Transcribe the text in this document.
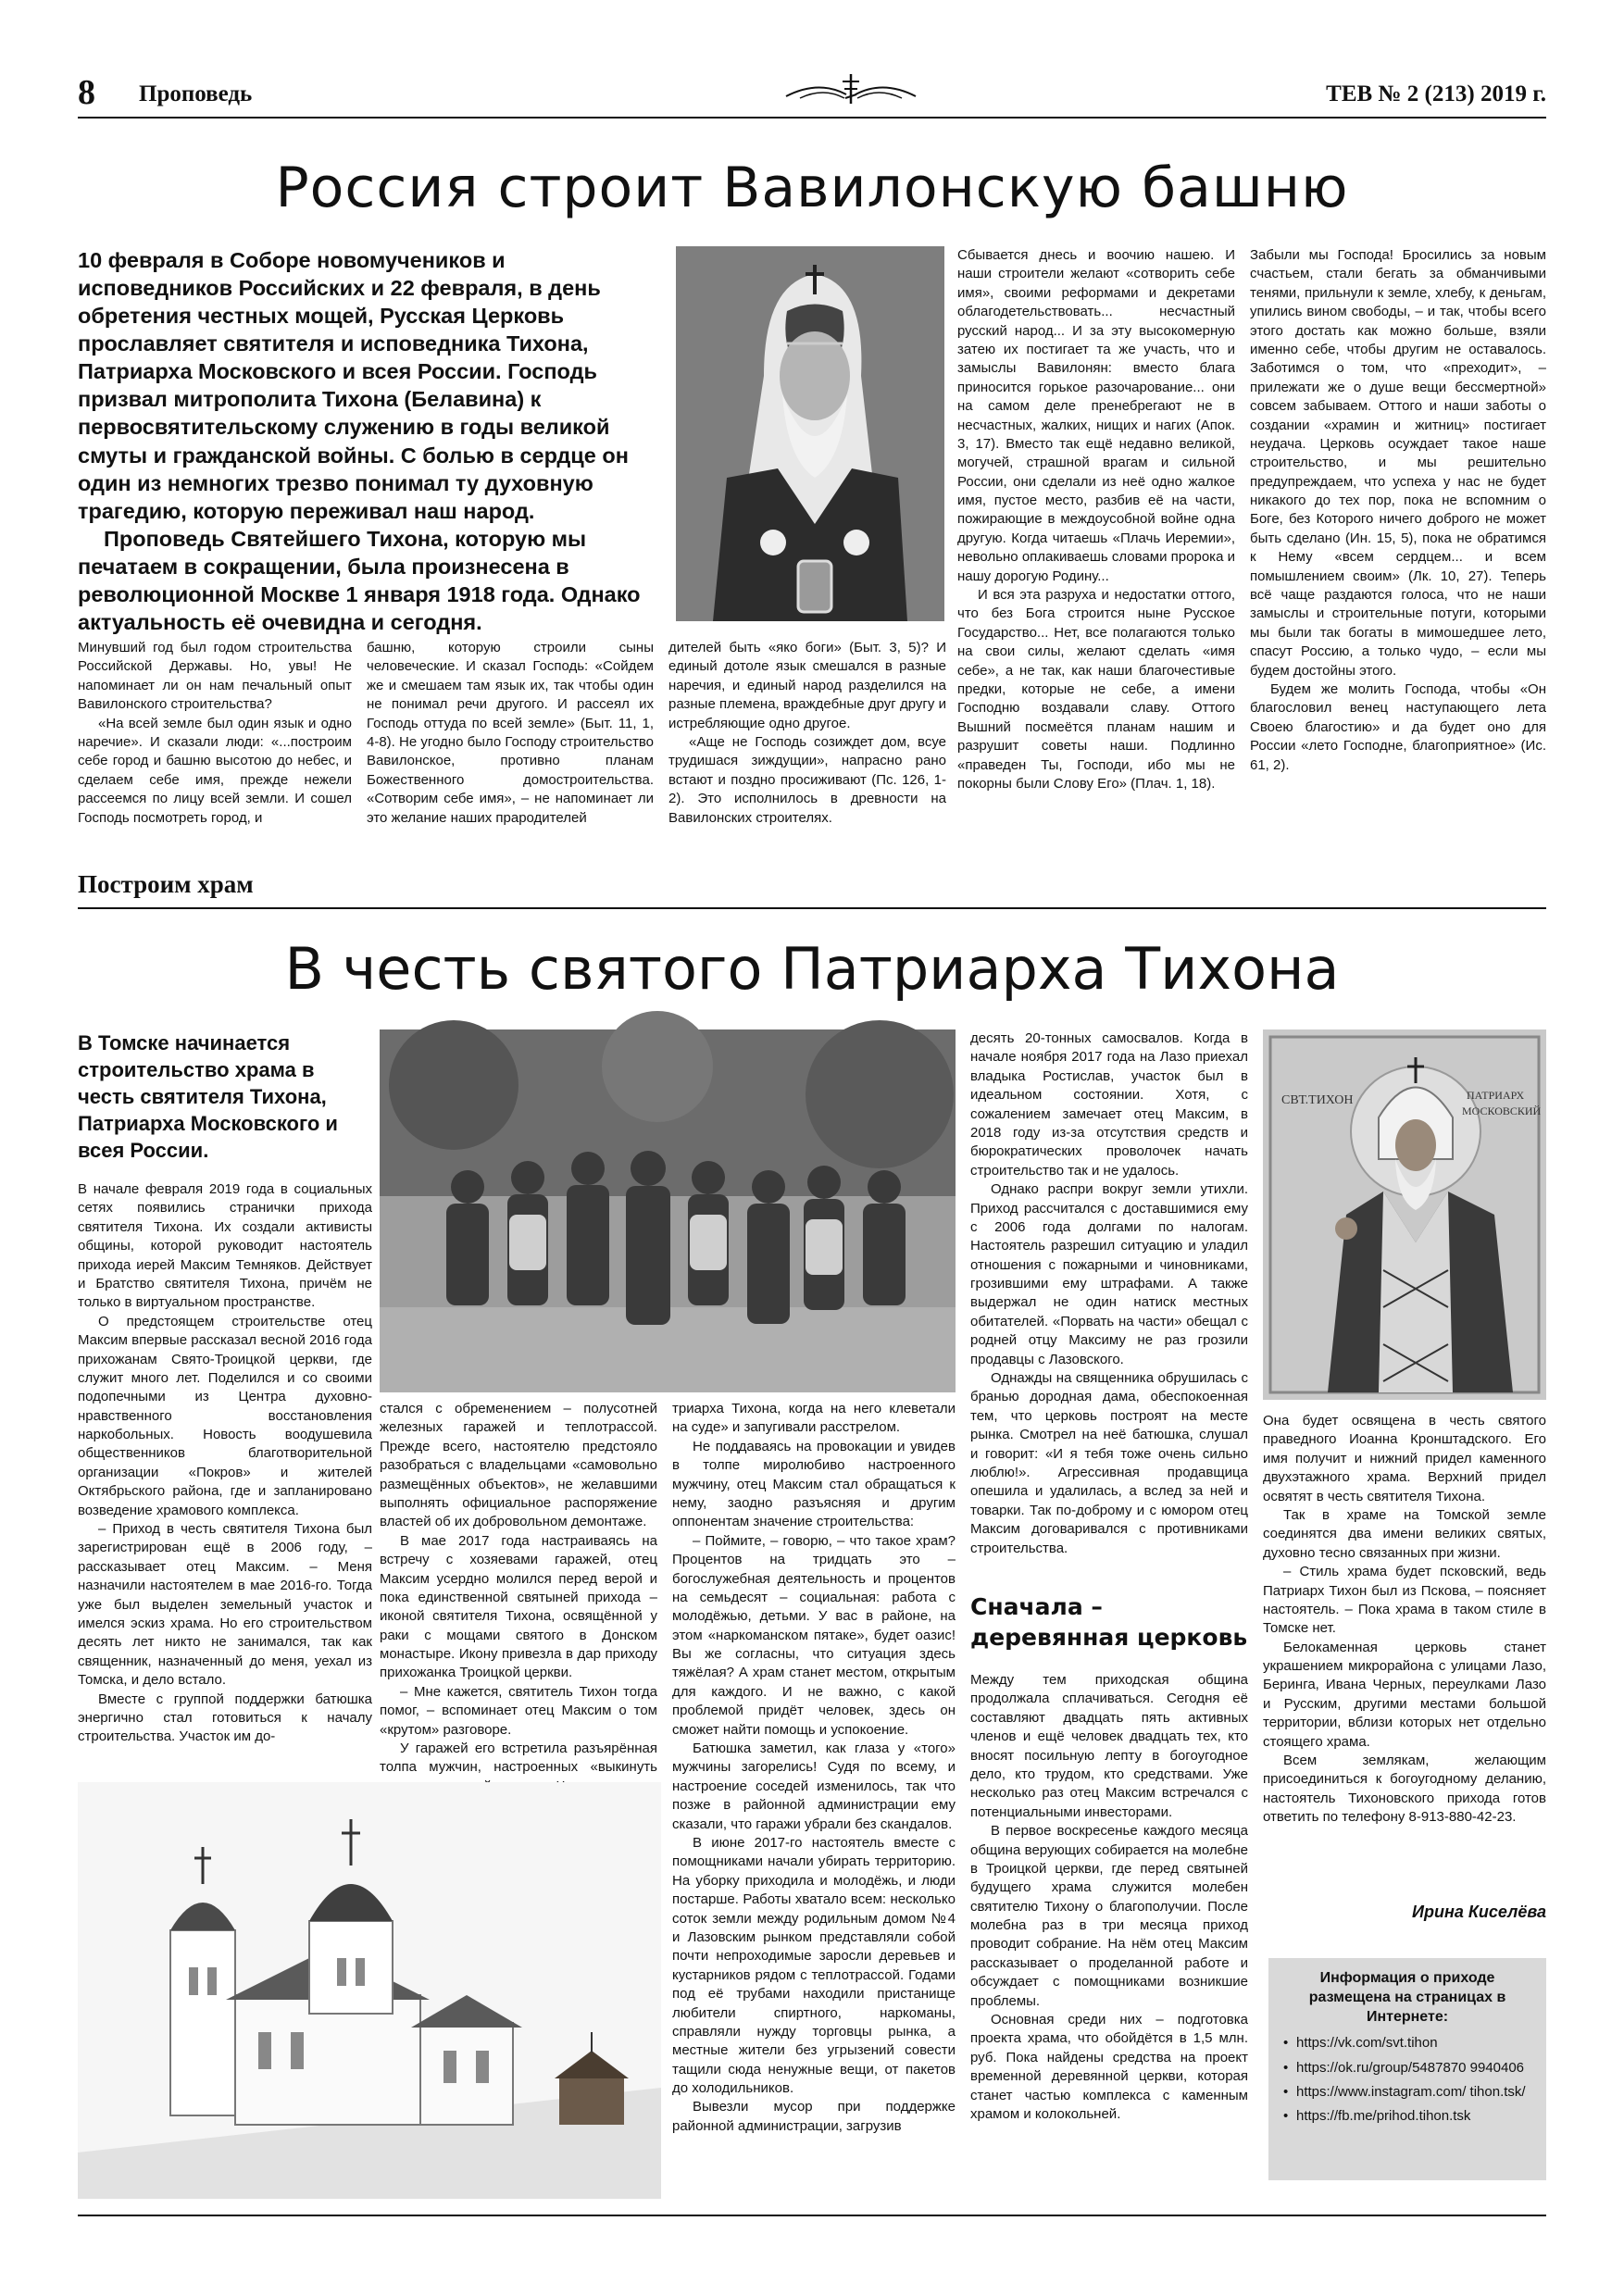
8 Проповедь	ТЕВ № 2 (213) 2019 г.
Россия строит Вавилонскую башню

10 февраля в Соборе новомучеников и исповедников Российских и 22 февраля, в день обретения честных мощей, Русская Церковь прославляет святителя и исповедника Тихона, Патриарха Московского и всея России. Господь призвал митрополита Тихона (Белавина) к первосвятительскому служению в годы великой смуты и гражданской войны. С болью в сердце он один из немногих трезво понимал ту духовную трагедию, которую переживал наш народ.

Проповедь Святейшего Тихона, которую мы печатаем в сокращении, была произнесена в революционной Москве 1 января 1918 года. Однако актуальность её очевидна и сегодня.

Сбывается днесь и воочию нашею. И наши строители желают «сотворить себе имя», своими реформами и декретами облагодетельствовать... несчастный русский народ... И за эту высокомерную затею их постигает та же участь, что и замыслы Вавилонян: вместо блага приносится горькое разочарование... они на самом деле пренебрегают не в несчастных, жалких, нищих и нагих (Апок. 3, 17). Вместо так ещё недавно великой, могучей, страшной врагам и сильной России, они сделали из неё одно жалкое имя, пустое место, разбив её на части, пожирающие в междоусобной войне одна другую. Когда читаешь «Плачь Иеремии», невольно оплакиваешь словами пророка и нашу дорогую Родину...

И вся эта разруха и недостатки оттого, что без Бога строится ныне Русское Государство... Нет, все полагаются только на свои силы, желают сделать «имя себе», а не так, как наши благочестивые предки, которые не себе, а имени Господню воздавали славу. Оттого Вышний посмеётся планам нашим и разрушит советы наши. Подлинно «праведен Ты, Господи, ибо мы не покорны были Слову Его» (Плач. 1, 18).

Забыли мы Господа! Бросились за новым счастьем, стали бегать за обманчивыми тенями, прильнули к земле, хлебу, к деньгам, упились вином свободы, – и так, чтобы всего этого достать как можно больше, взяли именно себе, чтобы другим не оставалось. Заботимся о том, что «преходит», – прилежати же о душе вещи бессмертной» совсем забываем. Оттого и наши заботы о создании «храмин и житниц» постигает неудача. Церковь осуждает такое наше строительство, и мы решительно предупреждаем, что успеха у нас не будет никакого до тех пор, пока не вспомним о Боге, без Которого ничего доброго не может быть сделано (Ин. 15, 5), пока не обратимся к Нему «всем сердцем... и всем помышлением своим» (Лк. 10, 27). Теперь всё чаще раздаются голоса, что не наши замыслы и строительные потуги, которыми мы были так богаты в мимошедшее лето, спасут Россию, а только чудо, – если мы будем достойны этого.

Будем же молить Господа, чтобы «Он благословил венец наступающего лета Своею благостию» и да будет оно для России «лето Господне, благоприятное» (Ис. 61, 2).

Минувший год был годом строительства Российской Державы. Но, увы! Не напоминает ли он нам печальный опыт Вавилонского строительства?

«На всей земле был один язык и одно наречие». И сказали люди: «...построим себе город и башню высотою до небес, и сделаем себе имя, прежде нежели рассеемся по лицу всей земли. И сошел Господь посмотреть город, и

башню, которую строили сыны человеческие. И сказал Господь: «Сойдем же и смешаем там язык их, так чтобы один не понимал речи другого. И рассеял их Господь оттуда по всей земле» (Быт. 11, 1, 4-8). Не угодно было Господу строительство Вавилонское, противно планам Божественного домостроительства. «Сотворим себе имя», – не напоминает ли это желание наших прародителей

дителей быть «яко боги» (Быт. 3, 5)? И единый дотоле язык смешался в разные наречия, и единый народ разделился на разные племена, враждебные друг другу и истребляющие одно другое.

«Аще не Господь созиждет дом, всуе трудишася зиждущии», напрасно рано встают и поздно просиживают (Пс. 126, 1-2). Это исполнилось в древности на Вавилонских строителях.

Построим храм
В честь святого Патриарха Тихона

В Томске начинается строительство храма в честь святителя Тихона, Патриарха Московского и всея России.

В начале февраля 2019 года в социальных сетях появились странички прихода святителя Тихона. Их создали активисты общины, которой руководит настоятель прихода иерей Максим Темняков. Действует и Братство святителя Тихона, причём не только в виртуальном пространстве.

О предстоящем строительстве отец Максим впервые рассказал весной 2016 года прихожанам Свято-Троицкой церкви, где служит много лет. Поделился и со своими подопечными из Центра духовно-нравственного восстановления наркобольных. Новость воодушевила общественников благотворительной организации «Покров» и жителей Октябрьского района, где и запланировано возведение храмового комплекса.

– Приход в честь святителя Тихона был зарегистрирован ещё в 2006 году, – рассказывает отец Максим. – Меня назначили настоятелем в мае 2016-го. Тогда уже был выделен земельный участок и имелся эскиз храма. Но его строительством десять лет никто не занимался, так как священник, назначенный до меня, уехал из Томска, и дело встало.

Вместе с группой поддержки батюшка энергично стал готовиться к началу строительства. Участок им до-

стался с обременением – полусотней железных гаражей и теплотрассой. Прежде всего, настоятелю предстояло разобраться с владельцами «самовольно размещённых объектов», не желавшими выполнять официальное распоряжение властей об их добровольном демонтаже.

В мае 2017 года настраиваясь на встречу с хозяевами гаражей, отец Максим усердно молился перед верой и пока единственной святыней прихода – иконой святителя Тихона, освящённой у раки с мощами святого в Донском монастыре. Икону привезла в дар приходу прихожанка Троицкой церкви.

– Мне кажется, святитель Тихон тогда помог, – вспоминает отец Максим о том «крутом» разговоре.

У гаражей его встретила разъярённая толпа мужчин, настроенных «выкинуть

триарха Тихона, когда на него клеветали на суде» и запугивали расстрелом.

Не поддаваясь на провокации и увидев в толпе миролюбиво настроенного мужчину, отец Максим стал обращаться к нему, заодно разъясняя и другим оппонентам значение строительства:

– Поймите, – говорю, – что такое храм? Процентов на тридцать это – богослужебная деятельность и процентов на семьдесят – социальная: работа с молодёжью, детьми. У вас в районе, на этом «наркоманском пятаке», будет оазис! Вы же согласны, что ситуация здесь тяжёлая? А храм станет местом, открытым для каждого. И не важно, с какой проблемой придёт человек, здесь он сможет найти помощь и успокоение.

Батюшка заметил, как глаза у «того» мужчины загорелись! Судя по всему, и настроение соседей изменилось, так что позже в районной администрации ему сказали, что гаражи убрали без скандалов.

В июне 2017-го настоятель вместе с помощниками начали убирать территорию. На уборку приходила и молодёжь, и люди постарше. Работы хватало всем: несколько соток земли между родильным домом №4 и Лазовским рынком представляли собой почти непроходимые заросли деревьев и кустарников рядом с теплотрассой. Годами под её трубами находили пристанище любители спиртного, наркоманы, справляли нужду торговцы рынка, а местные жители без угрызений совести тащили сюда ненужные вещи, от пакетов до холодильников.

Вывезли мусор при поддержке районной администрации, загрузив

десять 20-тонных самосвалов. Когда в начале ноября 2017 года на Лазо приехал владыка Ростислав, участок был в идеальном состоянии. Хотя, с сожалением замечает отец Максим, в 2018 году из-за отсутствия средств и бюрократических проволочек начать строительство так и не удалось.

Однако распри вокруг земли утихли. Приход рассчитался с доставшимися ему с 2006 года долгами по налогам. Настоятель разрешил ситуацию и уладил отношения с пожарными и чиновниками, грозившими ему штрафами. А также выдержал не один натиск местных обитателей. «Порвать на части» обещал с родней отцу Максиму не раз грозили продавцы с Лазовского.

Однажды на священника обрушилась с бранью дородная дама, обеспокоенная тем, что церковь построят на месте рынка. Смотрел на неё батюшка, слушал и говорит: «И я тебя тоже очень сильно люблю!». Агрессивная продавщица опешила и удалилась, а вслед за ней и товарки. Так по-доброму и с юмором отец Максим договаривался с противниками строительства.

Сначала – деревянная церковь

Между тем приходская община продолжала сплачиваться. Сегодня её составляют двадцать пять активных членов и ещё человек двадцать тех, кто вносят посильную лепту в богоугодное дело, кто трудом, кто средствами. Уже несколько раз отец Максим встречался с потенциальными инвесторами.

В первое воскресенье каждого месяца община верующих собирается на молебне в Троицкой церкви, где перед святыней будущего храма служится молебен святителю Тихону о благополучии. После молебна раз в три месяца приход проводит собрание. На нём отец Максим рассказывает о проделанной работе и обсуждает с помощниками возникшие проблемы.

Основная среди них – подготовка проекта храма, что обойдётся в 1,5 млн. руб. Пока найдены средства на проект временной деревянной церкви, которая станет частью комплекса с каменным храмом и колокольней.

СВТ.ТИХОН	ПАТРИАРХ
МОСКОВСКИЙ

Она будет освящена в честь святого праведного Иоанна Кронштадского. Его имя получит и нижний придел каменного двухэтажного храма. Верхний придел освятят в честь святителя Тихона.

Так в храме на Томской земле соединятся два имени великих святых, духовно тесно связанных при жизни.

– Стиль храма будет псковский, ведь Патриарх Тихон был из Пскова, – поясняет настоятель. – Пока храма в таком стиле в Томске нет.

Белокаменная церковь станет украшением микрорайона с улицами Лазо, Беринга, Ивана Черных, переулками Лазо и Русским, другими местами большой территории, вблизи которых нет отдельно стоящего храма.

Всем землякам, желающим присоединиться к богоугодному деланию, настоятель Тихоновского прихода готов ответить по телефону 8-913-880-42-23.

Ирина Киселёва
Информация о приходе размещена на страницах в Интернете:
• https://vk.com/svt.tihon
• https://ok.ru/group/5487870 9940406
• https://www.instagram.com/ tihon.tsk/
• https://fb.me/prihod.tihon.tsk
